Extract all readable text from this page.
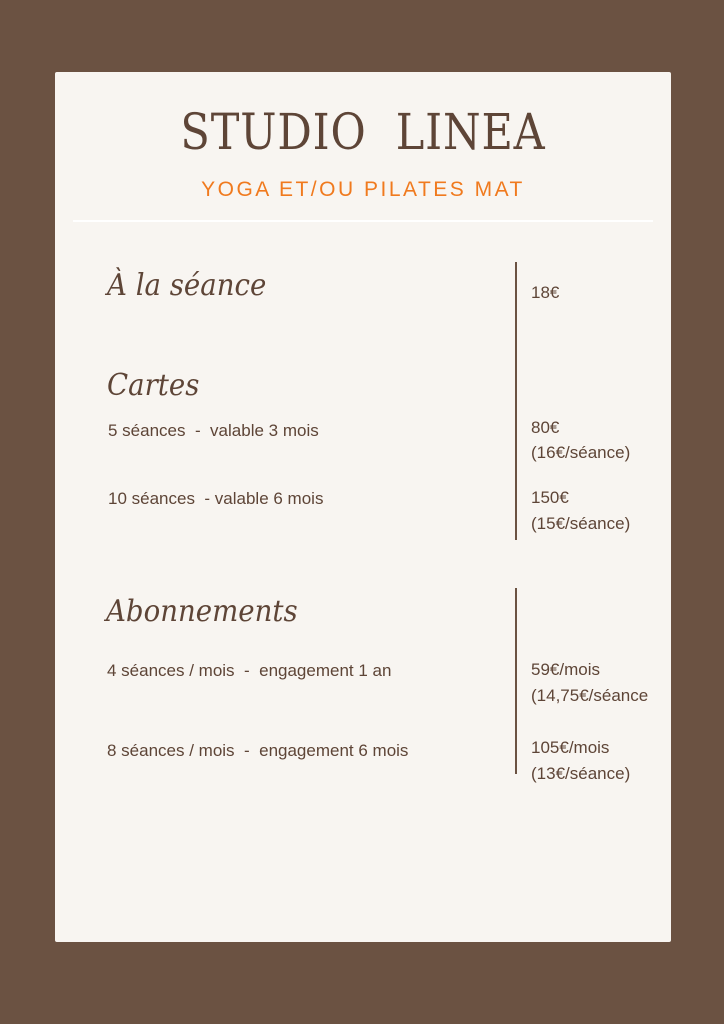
STUDIO  LINEA
YOGA ET/OU PILATES MAT
À la séance	18€
Cartes
5 séances  -  valable 3 mois	80€
(16€/séance)
10 séances  - valable 6 mois	150€
(15€/séance)
Abonnements
4 séances / mois  -  engagement 1 an	59€/mois
(14,75€/séance
8 séances / mois  -  engagement 6 mois	105€/mois
(13€/séance)
